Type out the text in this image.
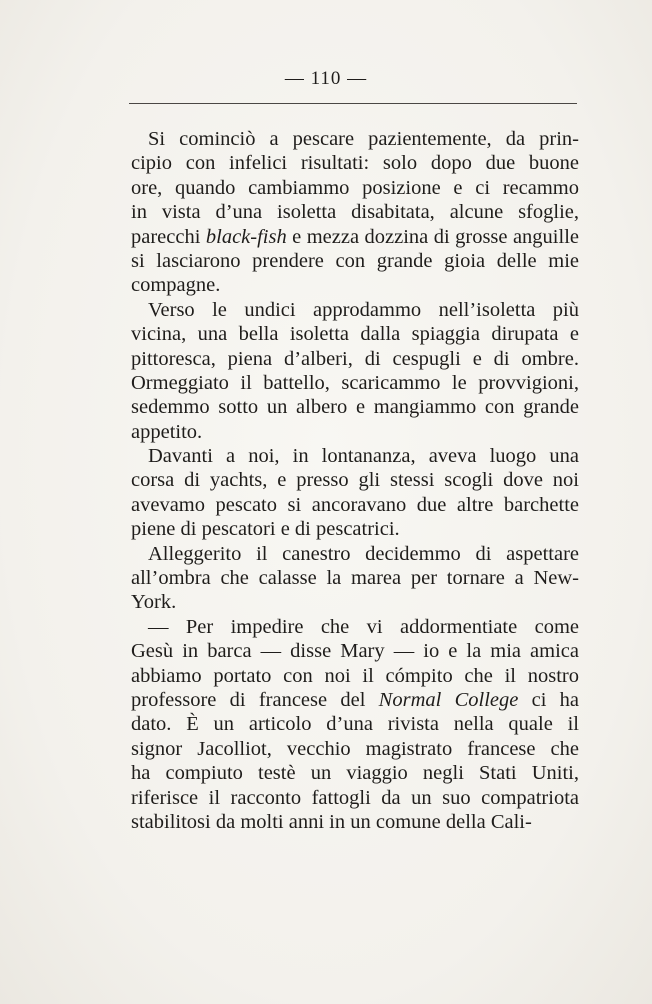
— 110 —
Si cominciò a pescare pazientemente, da prin-
cipio con infelici risultati: solo dopo due buone
ore, quando cambiammo posizione e ci recammo
in vista d’una isoletta disabitata, alcune sfoglie,
parecchi black-fish e mezza dozzina di grosse anguille
si lasciarono prendere con grande gioia delle mie
compagne.
Verso le undici approdammo nell’isoletta più
vicina, una bella isoletta dalla spiaggia dirupata e
pittoresca, piena d’alberi, di cespugli e di ombre.
Ormeggiato il battello, scaricammo le provvigioni,
sedemmo sotto un albero e mangiammo con grande
appetito.
Davanti a noi, in lontananza, aveva luogo una
corsa di yachts, e presso gli stessi scogli dove noi
avevamo pescato si ancoravano due altre barchette
piene di pescatori e di pescatrici.
Alleggerito il canestro decidemmo di aspettare
all’ombra che calasse la marea per tornare a New-
York.
— Per impedire che vi addormentiate come
Gesù in barca — disse Mary — io e la mia amica
abbiamo portato con noi il cómpito che il nostro
professore di francese del Normal College ci ha
dato. È un articolo d’una rivista nella quale il
signor Jacolliot, vecchio magistrato francese che
ha compiuto testè un viaggio negli Stati Uniti,
riferisce il racconto fattogli da un suo compatriota
stabilitosi da molti anni in un comune della Cali-
